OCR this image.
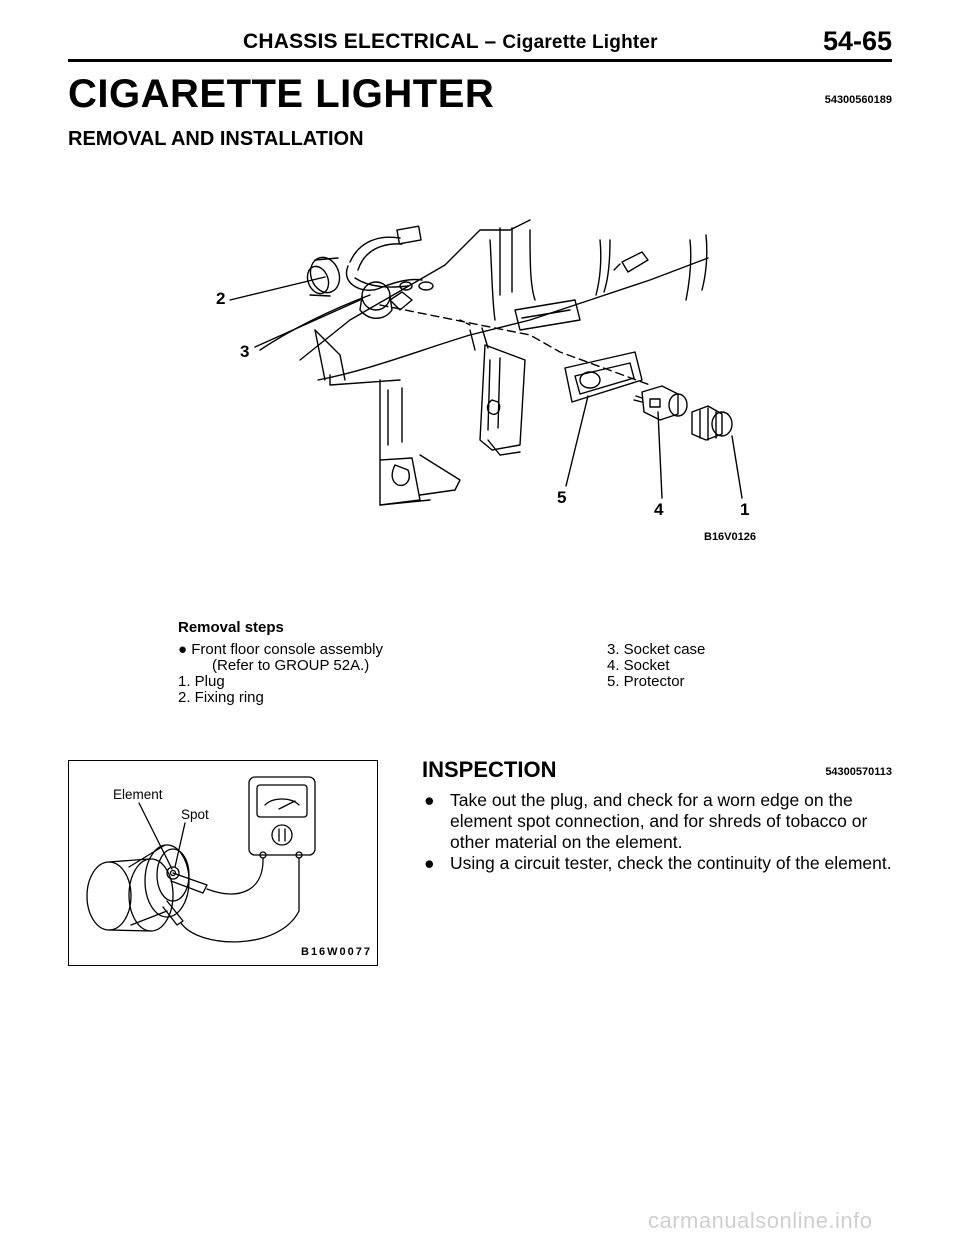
CHASSIS ELECTRICAL – Cigarette Lighter	54-65
CIGARETTE LIGHTER	54300560189
REMOVAL AND INSTALLATION
2
3
5
4	1
B16V0126
Removal steps
● Front floor console assembly
(Refer to GROUP 52A.)
1. Plug
2. Fixing ring
3. Socket case
4. Socket
5. Protector
Element
Spot
B16W0077
INSPECTION	54300570113
● Take out the plug, and check for a worn edge on the element spot connection, and for shreds of tobacco or other material on the element.
● Using a circuit tester, check the continuity of the element.
carmanualsonline.info
